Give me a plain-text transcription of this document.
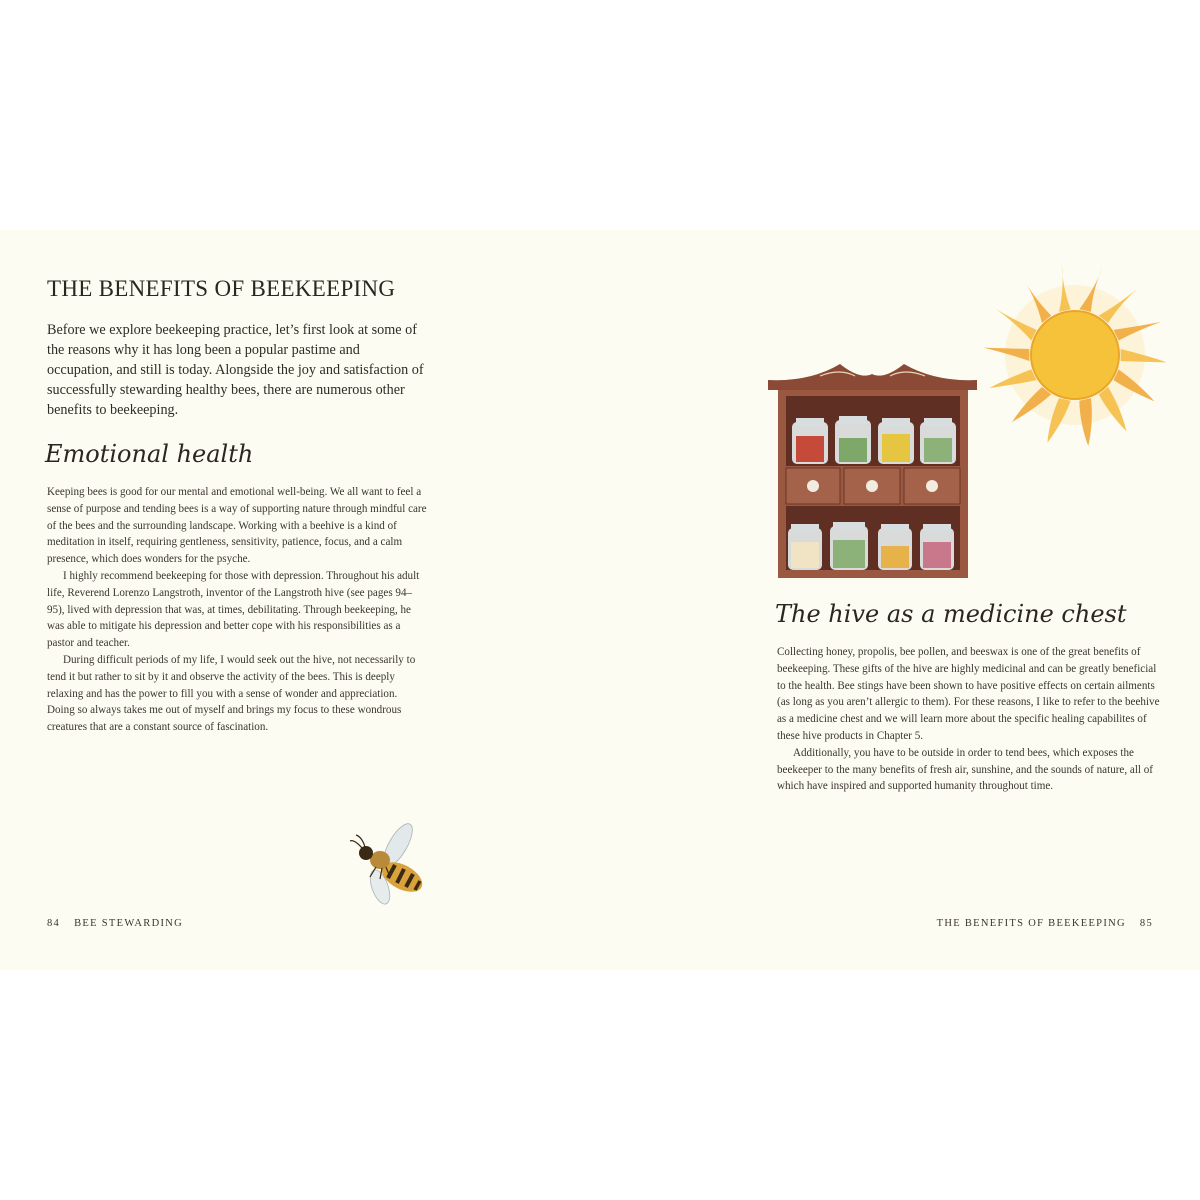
THE BENEFITS OF BEEKEEPING

Before we explore beekeeping practice, let’s first look at some of the reasons why it has long been a popular pastime and occupation, and still is today. Alongside the joy and satisfaction of successfully stewarding healthy bees, there are numerous other benefits to beekeeping.

Emotional health

Keeping bees is good for our mental and emotional well-being. We all want to feel a sense of purpose and tending bees is a way of supporting nature through mindful care of the bees and the surrounding landscape. Working with a beehive is a kind of meditation in itself, requiring gentleness, sensitivity, patience, focus, and a calm presence, which does wonders for the psyche.

I highly recommend beekeeping for those with depression. Throughout his adult life, Reverend Lorenzo Langstroth, inventor of the Langstroth hive (see pages 94–95), lived with depression that was, at times, debilitating. Through beekeeping, he was able to mitigate his depression and better cope with his responsibilities as a pastor and teacher.

During difficult periods of my life, I would seek out the hive, not necessarily to tend it but rather to sit by it and observe the activity of the bees. This is deeply relaxing and has the power to fill you with a sense of wonder and appreciation. Doing so always takes me out of myself and brings my focus to these wondrous creatures that are a constant source of fascination.

84 BEE STEWARDING
The hive as a medicine chest

Collecting honey, propolis, bee pollen, and beeswax is one of the great benefits of beekeeping. These gifts of the hive are highly medicinal and can be greatly beneficial to the health. Bee stings have been shown to have positive effects on certain ailments (as long as you aren’t allergic to them). For these reasons, I like to refer to the beehive as a medicine chest and we will learn more about the specific healing capabilites of these hive products in Chapter 5.

Additionally, you have to be outside in order to tend bees, which exposes the beekeeper to the many benefits of fresh air, sunshine, and the sounds of nature, all of which have inspired and supported humanity throughout time.

THE BENEFITS OF BEEKEEPING 85
